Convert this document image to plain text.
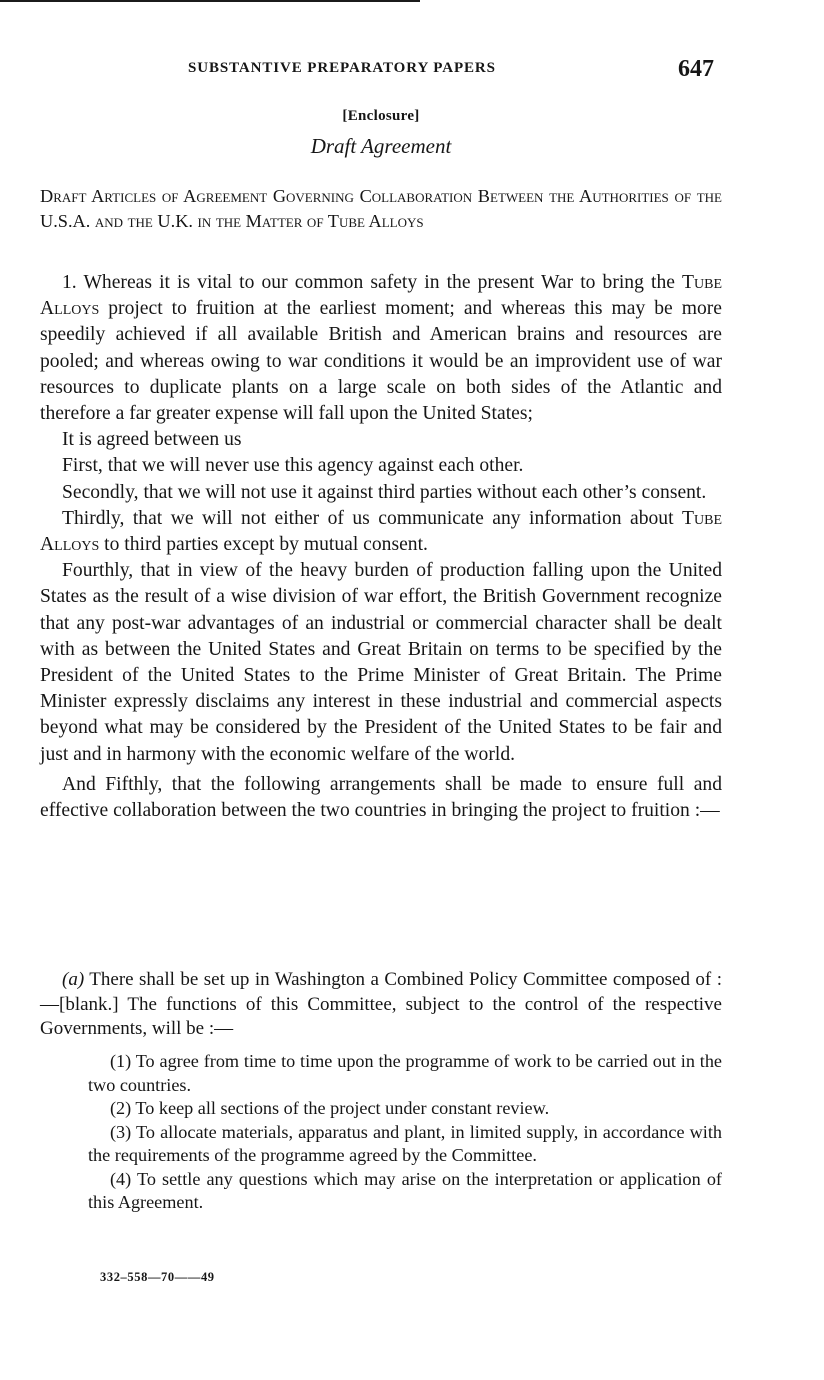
SUBSTANTIVE PREPARATORY PAPERS	647
[Enclosure]
Draft Agreement
Draft Articles of Agreement Governing Collaboration Between the Authorities of the U.S.A. and the U.K. in the Matter of Tube Alloys

1. Whereas it is vital to our common safety in the present War to bring the Tube Alloys project to fruition at the earliest moment; and whereas this may be more speedily achieved if all available British and American brains and resources are pooled; and whereas owing to war conditions it would be an improvident use of war resources to duplicate plants on a large scale on both sides of the Atlantic and therefore a far greater expense will fall upon the United States;

It is agreed between us

First, that we will never use this agency against each other.

Secondly, that we will not use it against third parties without each other’s consent.

Thirdly, that we will not either of us communicate any information about Tube Alloys to third parties except by mutual consent.

Fourthly, that in view of the heavy burden of production falling upon the United States as the result of a wise division of war effort, the British Government recognize that any post-war advantages of an industrial or commercial character shall be dealt with as between the United States and Great Britain on terms to be specified by the President of the United States to the Prime Minister of Great Britain. The Prime Minister expressly disclaims any interest in these industrial and commercial aspects beyond what may be considered by the President of the United States to be fair and just and in harmony with the economic welfare of the world.

And Fifthly, that the following arrangements shall be made to ensure full and effective collaboration between the two countries in bringing the project to fruition :—

(a) There shall be set up in Washington a Combined Policy Committee composed of :—[blank.] The functions of this Committee, subject to the control of the respective Governments, will be :—

(1) To agree from time to time upon the programme of work to be carried out in the two countries.

(2) To keep all sections of the project under constant review.

(3) To allocate materials, apparatus and plant, in limited supply, in accordance with the requirements of the programme agreed by the Committee.

(4) To settle any questions which may arise on the interpretation or application of this Agreement.

332–558—70——49
